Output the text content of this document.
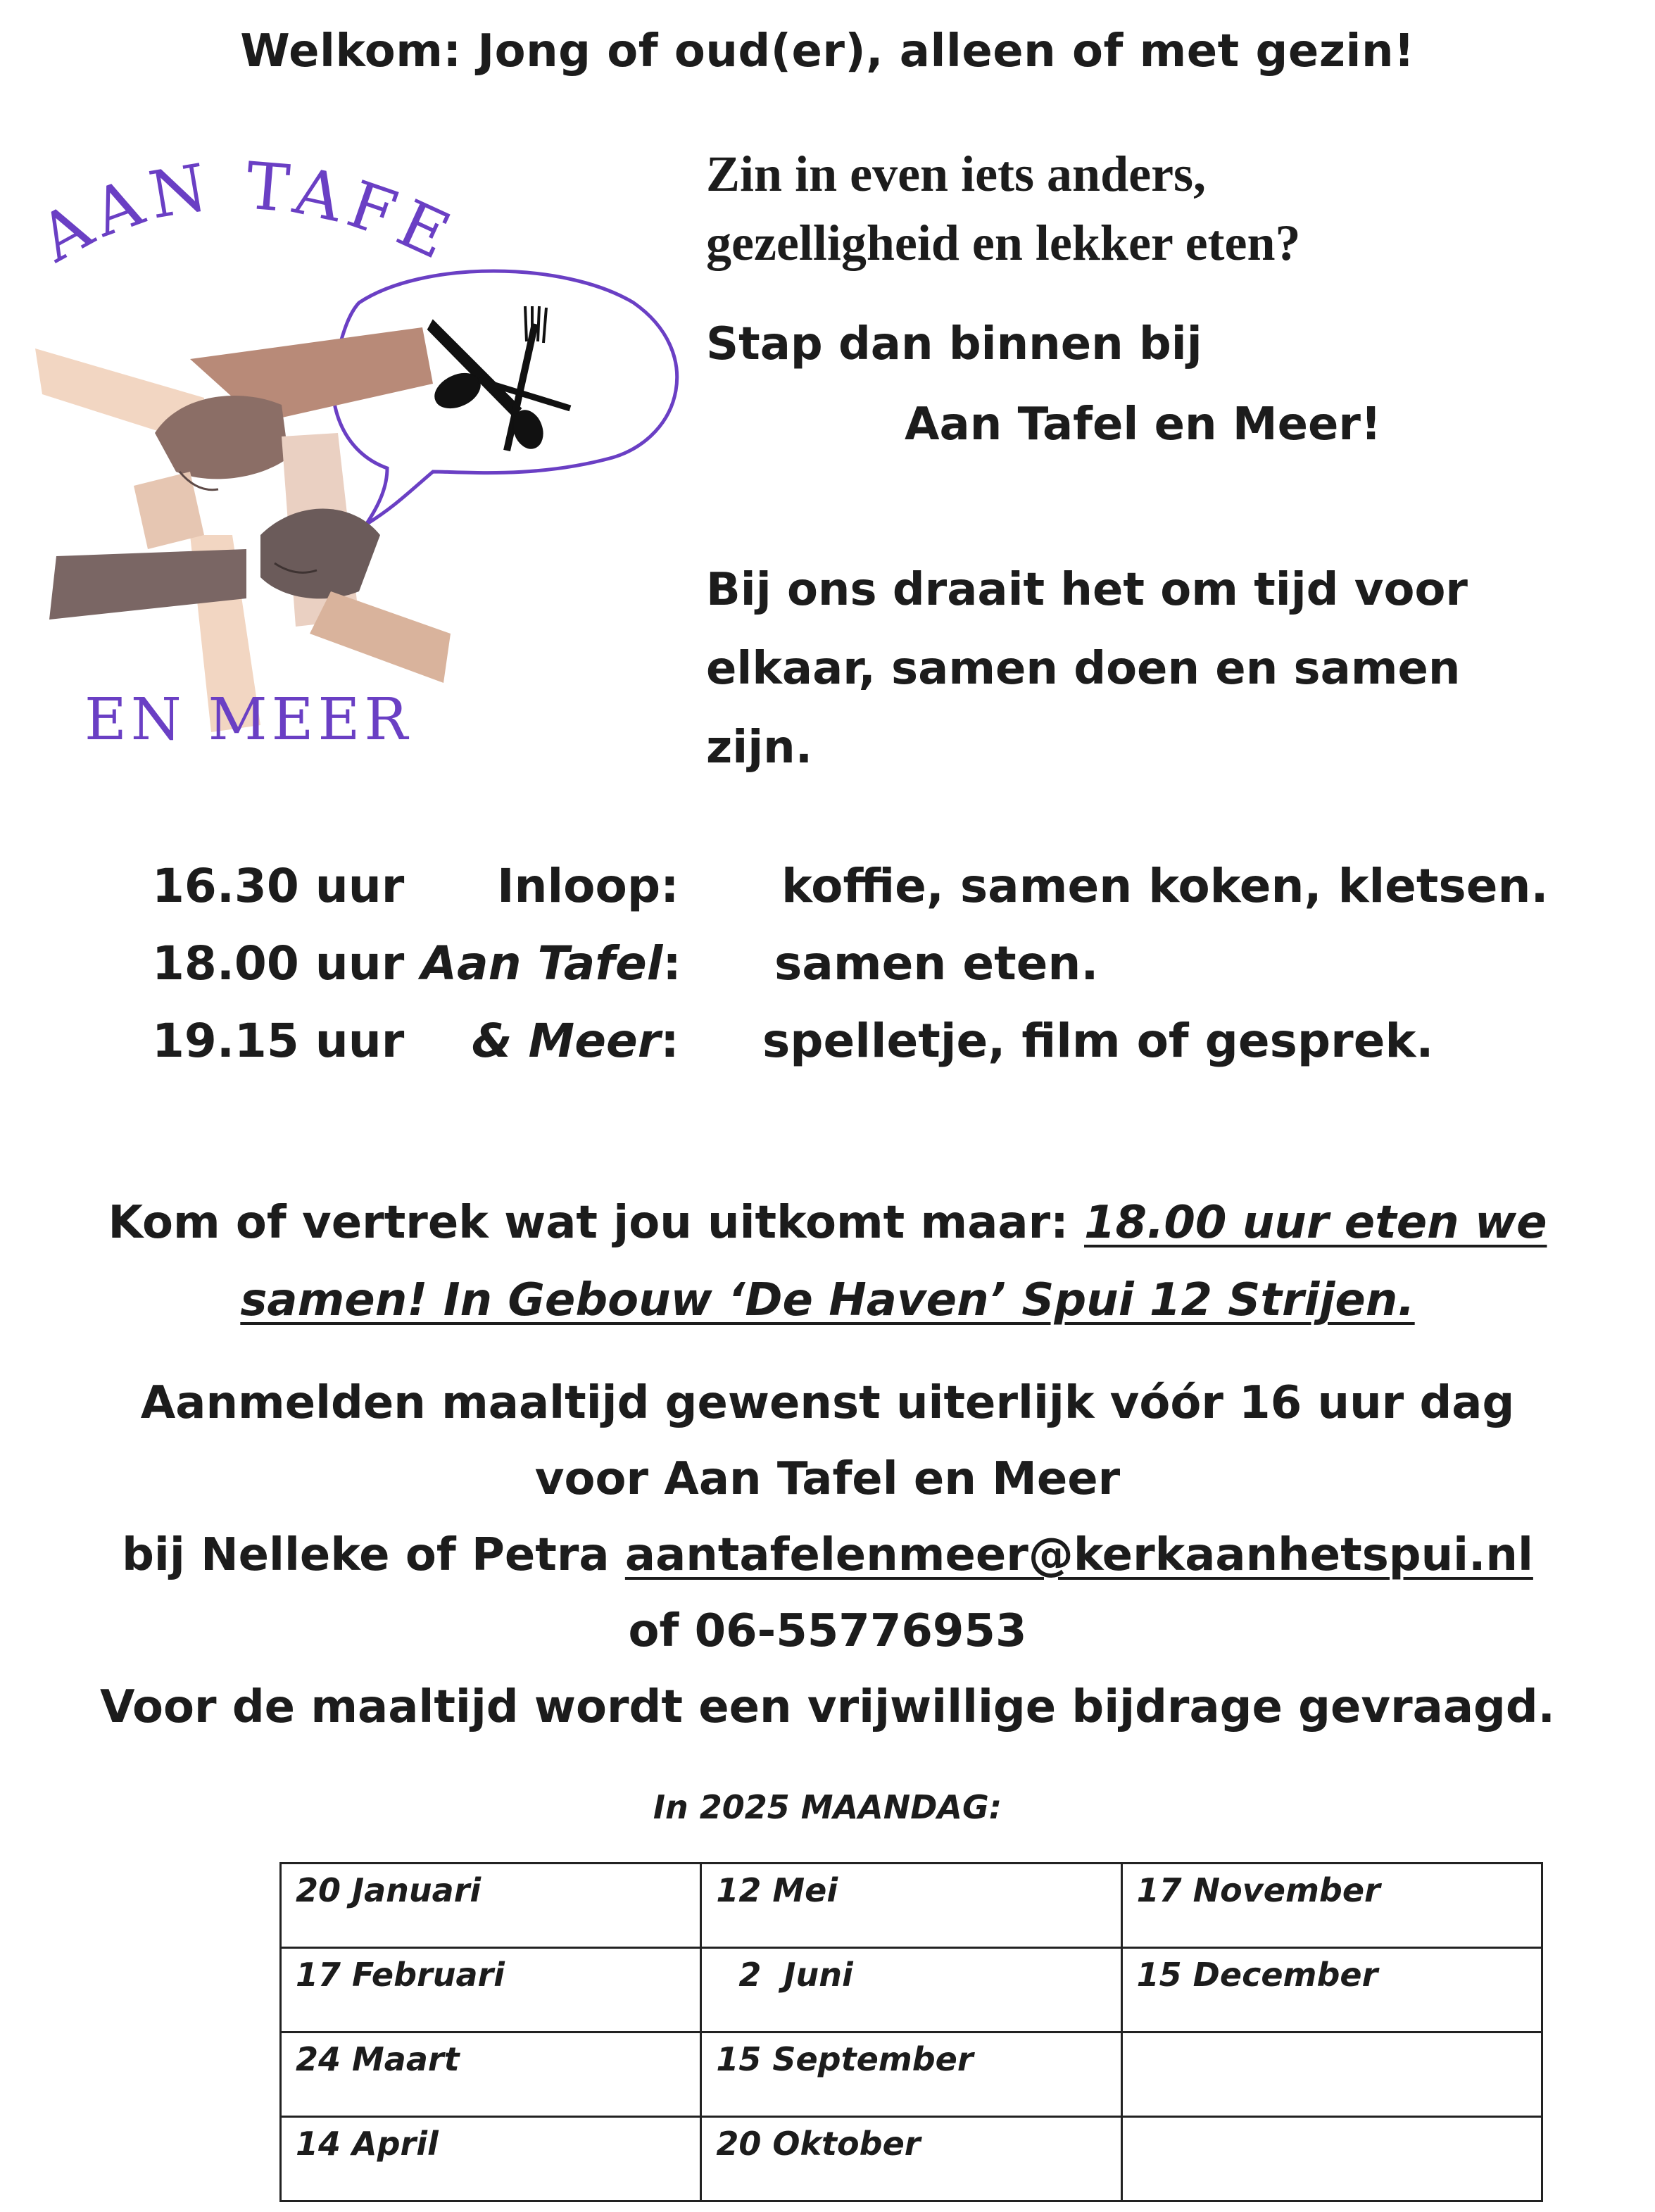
Welkom: Jong of oud(er), alleen of met gezin!
AAN TAFE
EN MEER
Zin in even iets anders,
gezelligheid en lekker eten?
Stap dan binnen bij
Aan Tafel en Meer!
Bij ons draait het om tijd voor
elkaar, samen doen en samen
zijn.
16.30 uur Inloop: koffie, samen koken, kletsen.
18.00 uur Aan Tafel: samen eten.
19.15 uur & Meer: spelletje, film of gesprek.
Kom of vertrek wat jou uitkomt maar: 18.00 uur eten we
samen! In Gebouw ‘De Haven’ Spui 12 Strijen.
Aanmelden maaltijd gewenst uiterlijk vóór 16 uur dag
voor Aan Tafel en Meer
bij Nelleke of Petra aantafelenmeer@kerkaanhetspui.nl
of 06-55776953
Voor de maaltijd wordt een vrijwillige bijdrage gevraagd.
In 2025 MAANDAG:
20 Januari	12 Mei	17 November
17 Februari	2  Juni	15 December
24 Maart	15 September	
14 April	20 Oktober	
